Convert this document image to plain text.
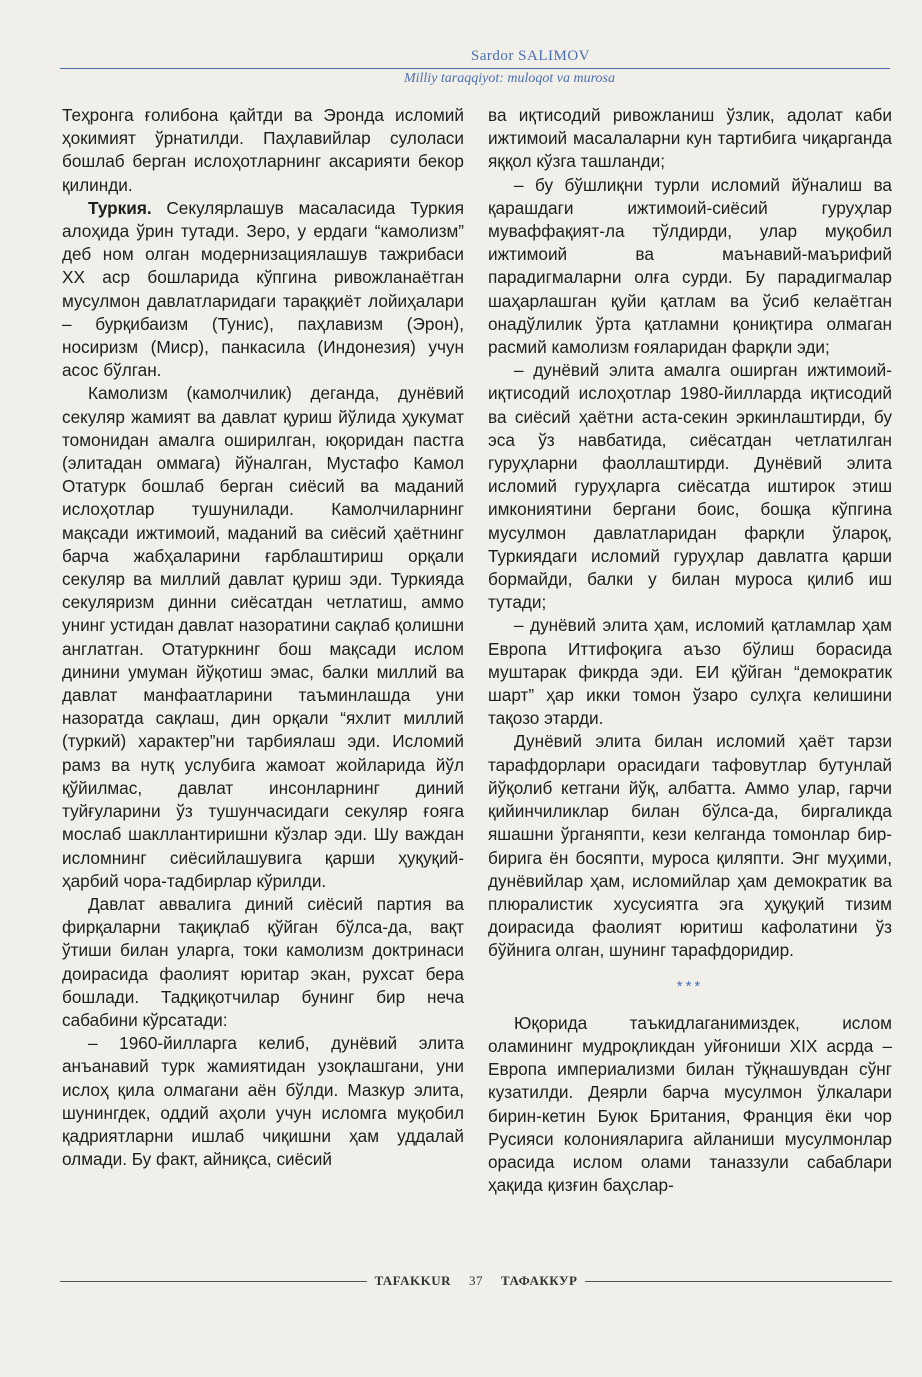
Sardor SALIMOV
Milliy taraqqiyot: muloqot va murosa

Теҳронга ғолибона қайтди ва Эронда исломий ҳокимият ўрнатилди. Паҳлавийлар сулоласи бошлаб берган ислоҳотларнинг аксарияти бекор қилинди.

Туркия. Секулярлашув масаласида Туркия алоҳида ўрин тутади. Зеро, у ердаги “камолизм” деб ном олган модернизациялашув тажрибаси XX аср бошларида кўпгина ривожланаётган мусулмон давлатларидаги тараққиёт лойиҳалари – бурқибаизм (Тунис), паҳлавизм (Эрон), носиризм (Миср), панкасила (Индонезия) учун асос бўлган.

Камолизм (камолчилик) деганда, дунёвий секуляр жамият ва давлат қуриш йўлида ҳукумат томонидан амалга оширилган, юқоридан пастга (элитадан оммага) йўналган, Мустафо Камол Отатурк бошлаб берган сиёсий ва маданий ислоҳотлар тушунилади. Камолчиларнинг мақсади ижтимоий, маданий ва сиёсий ҳаётнинг барча жабҳаларини ғарблаштириш орқали секуляр ва миллий давлат қуриш эди. Туркияда секуляризм динни сиёсатдан четлатиш, аммо унинг устидан давлат назоратини сақлаб қолишни англатган. Отатуркнинг бош мақсади ислом динини умуман йўқотиш эмас, балки миллий ва давлат манфаатларини таъминлашда уни назоратда сақлаш, дин орқали “яхлит миллий (туркий) характер”ни тарбиялаш эди. Исломий рамз ва нутқ услубига жамоат жойларида йўл қўйилмас, давлат инсонларнинг диний туйғуларини ўз тушунчасидаги секуляр ғояга мослаб шакллантиришни кўзлар эди. Шу важдан исломнинг сиёсийлашувига қарши ҳуқуқий-ҳарбий чора-тадбирлар кўрилди.

Давлат аввалига диний сиёсий партия ва фирқаларни тақиқлаб қўйган бўлса-да, вақт ўтиши билан уларга, токи камолизм доктринаси доирасида фаолият юритар экан, рухсат бера бошлади. Тадқиқотчилар бунинг бир неча сабабини кўрсатади:

– 1960-йилларга келиб, дунёвий элита анъанавий турк жамиятидан узоқлашгани, уни ислоҳ қила олмагани аён бўлди. Мазкур элита, шунингдек, оддий аҳоли учун исломга муқобил қадриятларни ишлаб чиқишни ҳам уддалай олмади. Бу факт, айниқса, сиёсий

ва иқтисодий ривожланиш ўзлик, адолат каби ижтимоий масалаларни кун тартибига чиқарганда яққол кўзга ташланди;

– бу бўшлиқни турли исломий йўналиш ва қарашдаги ижтимоий-сиёсий гуруҳлар муваффақият-ла тўлдирди, улар муқобил ижтимоий ва маънавий-маърифий парадигмаларни олға сурди. Бу парадигмалар шаҳарлашган қуйи қатлам ва ўсиб келаётган онадўлилик ўрта қатламни қониқтира олмаган расмий камолизм ғояларидан фарқли эди;

– дунёвий элита амалга оширган ижтимоий-иқтисодий ислоҳотлар 1980-йилларда иқтисодий ва сиёсий ҳаётни аста-секин эркинлаштирди, бу эса ўз навбатида, сиёсатдан четлатилган гуруҳларни фаоллаштирди. Дунёвий элита исломий гуруҳларга сиёсатда иштирок этиш имкониятини бергани боис, бошқа кўпгина мусулмон давлатларидан фарқли ўлароқ, Туркиядаги исломий гуруҳлар давлатга қарши бормайди, балки у билан муроса қилиб иш тутади;

– дунёвий элита ҳам, исломий қатламлар ҳам Европа Иттифоқига аъзо бўлиш борасида муштарак фикрда эди. ЕИ қўйган “демократик шарт” ҳар икки томон ўзаро сулҳга келишини тақозо этарди.

Дунёвий элита билан исломий ҳаёт тарзи тарафдорлари орасидаги тафовутлар бутунлай йўқолиб кетгани йўқ, албатта. Аммо улар, гарчи қийинчиликлар билан бўлса-да, биргаликда яшашни ўрганяпти, кези келганда томонлар бир-бирига ён босяпти, муроса қиляпти. Энг муҳими, дунёвийлар ҳам, исломийлар ҳам демократик ва плюралистик хусусиятга эга ҳуқуқий тизим доирасида фаолият юритиш кафолатини ўз бўйнига олган, шунинг тарафдоридир.

***

Юқорида таъкидлаганимиздек, ислом оламининг мудроқликдан уйғониши XIX асрда – Европа империализми билан тўқнашувдан сўнг кузатилди. Деярли барча мусулмон ўлкалари бирин-кетин Буюк Британия, Франция ёки чор Русияси колонияларига айланиши мусулмонлар орасида ислом олами таназзули сабаблари ҳақида қизғин баҳслар-

TAFAKKUR	37	ТАФАККУР
